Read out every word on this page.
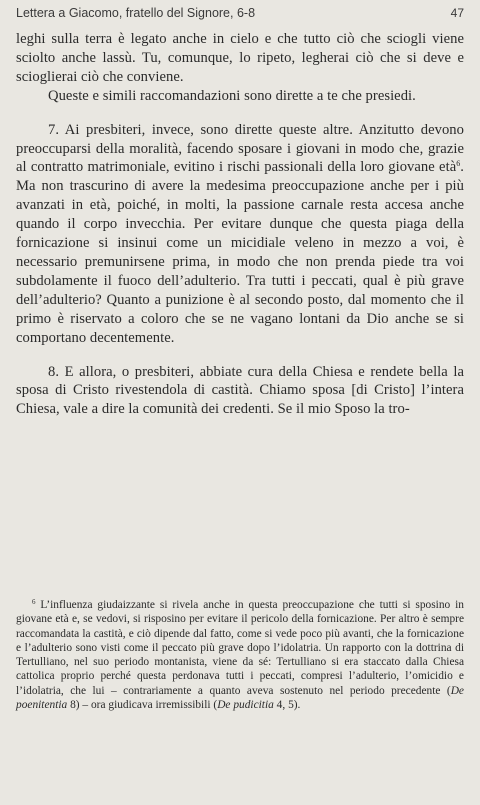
Lettera a Giacomo, fratello del Signore, 6-8	47

leghi sulla terra è legato anche in cielo e che tutto ciò che sciogli viene sciolto anche lassù. Tu, comunque, lo ripeto, legherai ciò che si deve e scioglierai ciò che conviene.

Queste e simili raccomandazioni sono dirette a te che presiedi.

7. Ai presbiteri, invece, sono dirette queste altre. Anzitutto devono preoccuparsi della moralità, facendo sposare i giovani in modo che, grazie al contratto matrimoniale, evitino i rischi passionali della loro giovane età$^6$. Ma non trascurino di avere la medesima preoccupazione anche per i più avanzati in età, poiché, in molti, la passione carnale resta accesa anche quando il corpo invecchia. Per evitare dunque che questa piaga della fornicazione si insinui come un micidiale veleno in mezzo a voi, è necessario premunirsene prima, in modo che non prenda piede tra voi subdolamente il fuoco dell’adulterio. Tra tutti i peccati, qual è più grave dell’adulterio? Quanto a punizione è al secondo posto, dal momento che il primo è riservato a coloro che se ne vagano lontani da Dio anche se si comportano decentemente.

8. E allora, o presbiteri, abbiate cura della Chiesa e rendete bella la sposa di Cristo rivestendola di castità. Chiamo sposa [di Cristo] l’intera Chiesa, vale a dire la comunità dei credenti. Se il mio Sposo la tro-

$^6$ L’influenza giudaizzante si rivela anche in questa preoccupazione che tutti si sposino in giovane età e, se vedovi, si risposino per evitare il pericolo della fornicazione. Per altro è sempre raccomandata la castità, e ciò dipende dal fatto, come si vede poco più avanti, che la fornicazione e l’adulterio sono visti come il peccato più grave dopo l’idolatria. Un rapporto con la dottrina di Tertulliano, nel suo periodo montanista, viene da sé: Tertulliano si era staccato dalla Chiesa cattolica proprio perché questa perdonava tutti i peccati, compresi l’adulterio, l’omicidio e l’idolatria, che lui – contrariamente a quanto aveva sostenuto nel periodo precedente (De poenitentia 8) – ora giudicava irremissibili (De pudicitia 4, 5).
